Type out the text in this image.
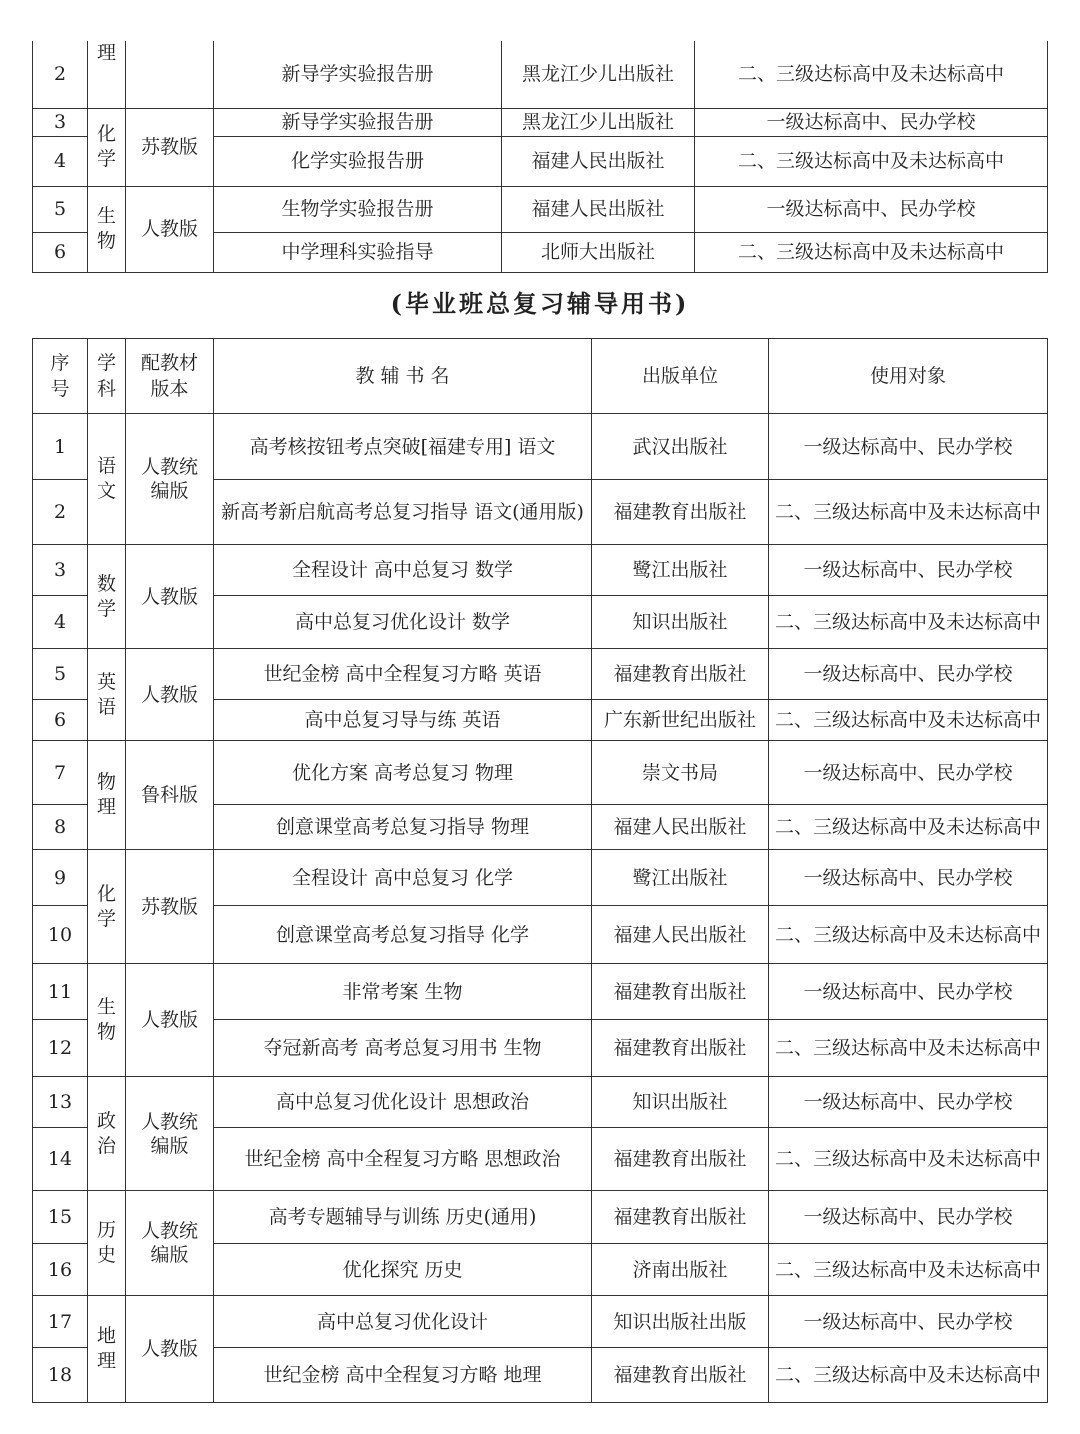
2	理		新导学实验报告册	黑龙江少儿出版社	二、三级达标高中及未达标高中
3	化学	苏教版	新导学实验报告册	黑龙江少儿出版社	一级达标高中、民办学校
4			化学实验报告册	福建人民出版社	二、三级达标高中及未达标高中
5	生物	人教版	生物学实验报告册	福建人民出版社	一级达标高中、民办学校
6			中学理科实验指导	北师大出版社	二、三级达标高中及未达标高中
(毕业班总复习辅导用书)
序号	学科	配教材版本	教 辅 书 名	出版单位	使用对象
1	语文	人教统编版	高考核按钮考点突破[福建专用] 语文	武汉出版社	一级达标高中、民办学校
2			新高考新启航高考总复习指导 语文(通用版)	福建教育出版社	二、三级达标高中及未达标高中
3	数学	人教版	全程设计 高中总复习 数学	鹭江出版社	一级达标高中、民办学校
4			高中总复习优化设计 数学	知识出版社	二、三级达标高中及未达标高中
5	英语	人教版	世纪金榜 高中全程复习方略 英语	福建教育出版社	一级达标高中、民办学校
6			高中总复习导与练 英语	广东新世纪出版社	二、三级达标高中及未达标高中
7	物理	鲁科版	优化方案 高考总复习 物理	崇文书局	一级达标高中、民办学校
8			创意课堂高考总复习指导 物理	福建人民出版社	二、三级达标高中及未达标高中
9	化学	苏教版	全程设计 高中总复习 化学	鹭江出版社	一级达标高中、民办学校
10			创意课堂高考总复习指导 化学	福建人民出版社	二、三级达标高中及未达标高中
11	生物	人教版	非常考案 生物	福建教育出版社	一级达标高中、民办学校
12			夺冠新高考 高考总复习用书 生物	福建教育出版社	二、三级达标高中及未达标高中
13	政治	人教统编版	高中总复习优化设计 思想政治	知识出版社	一级达标高中、民办学校
14			世纪金榜 高中全程复习方略 思想政治	福建教育出版社	二、三级达标高中及未达标高中
15	历史	人教统编版	高考专题辅导与训练 历史(通用)	福建教育出版社	一级达标高中、民办学校
16			优化探究 历史	济南出版社	二、三级达标高中及未达标高中
17	地理	人教版	高中总复习优化设计	知识出版社出版	一级达标高中、民办学校
18			世纪金榜 高中全程复习方略 地理	福建教育出版社	二、三级达标高中及未达标高中
